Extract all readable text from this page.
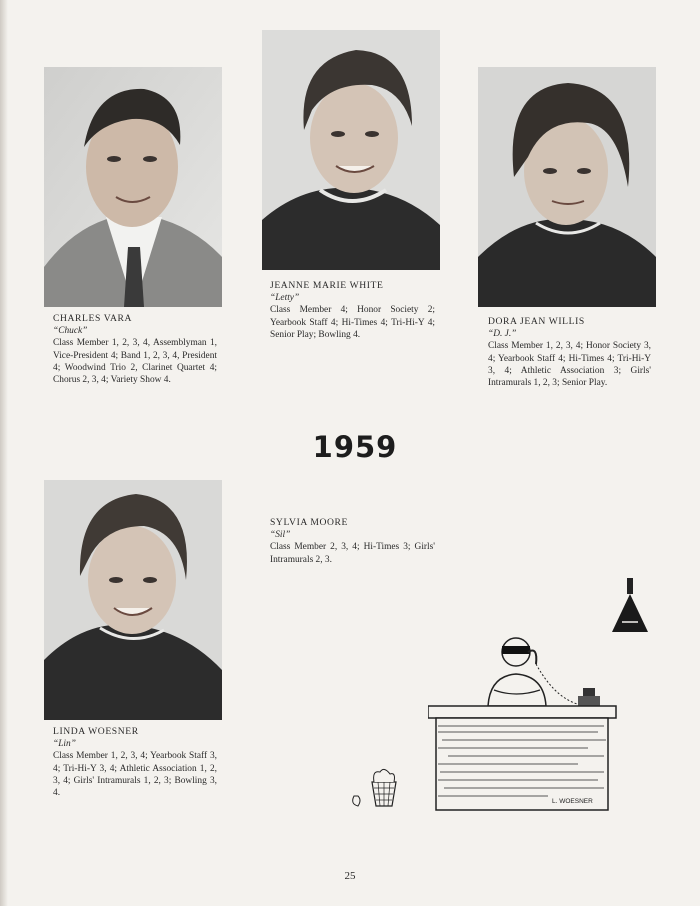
CHARLES VARA
“Chuck”
Class Member 1, 2, 3, 4, Assemblyman 1, Vice-President 4; Band 1, 2, 3, 4, President 4; Woodwind Trio 2, Clarinet Quartet 4; Chorus 2, 3, 4; Variety Show 4.
JEANNE MARIE WHITE
“Letty”
Class Member 4; Honor Society 2; Yearbook Staff 4; Hi-Times 4; Tri-Hi-Y 4; Senior Play; Bowling 4.
DORA JEAN WILLIS
“D. J.”
Class Member 1, 2, 3, 4; Honor Society 3, 4; Yearbook Staff 4; Hi-Times 4; Tri-Hi-Y 3, 4; Athletic Association 3; Girls' Intramurals 1, 2, 3; Senior Play.
1959
SYLVIA MOORE
“Sil”
Class Member 2, 3, 4; Hi-Times 3; Girls' Intramurals 2, 3.
LINDA WOESNER
“Lin”
Class Member 1, 2, 3, 4; Yearbook Staff 3, 4; Tri-Hi-Y 3, 4; Athletic Association 1, 2, 3, 4; Girls' Intramurals 1, 2, 3; Bowling 3, 4.
L. WOESNER
25
